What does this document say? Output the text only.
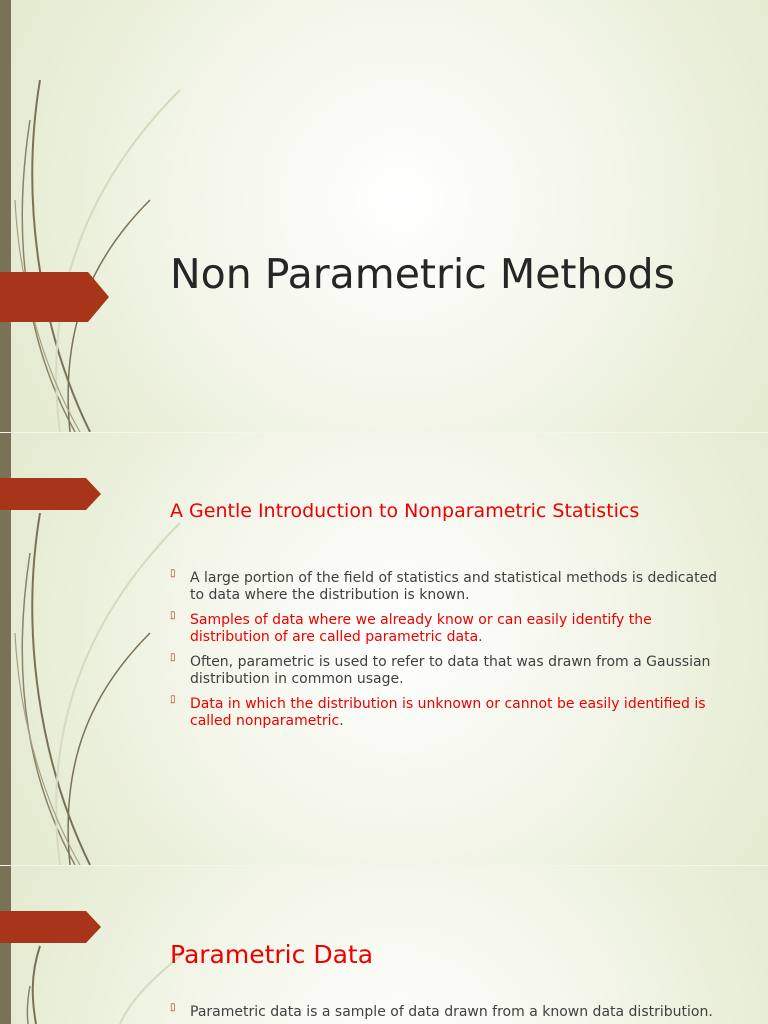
Non Parametric Methods
A Gentle Introduction to Nonparametric Statistics
▯ A large portion of the field of statistics and statistical methods is dedicated to data where the distribution is known.
▯ Samples of data where we already know or can easily identify the distribution of are called parametric data.
▯ Often, parametric is used to refer to data that was drawn from a Gaussian distribution in common usage.
▯ Data in which the distribution is unknown or cannot be easily identified is called nonparametric.
Parametric Data
▯ Parametric data is a sample of data drawn from a known data distribution.
